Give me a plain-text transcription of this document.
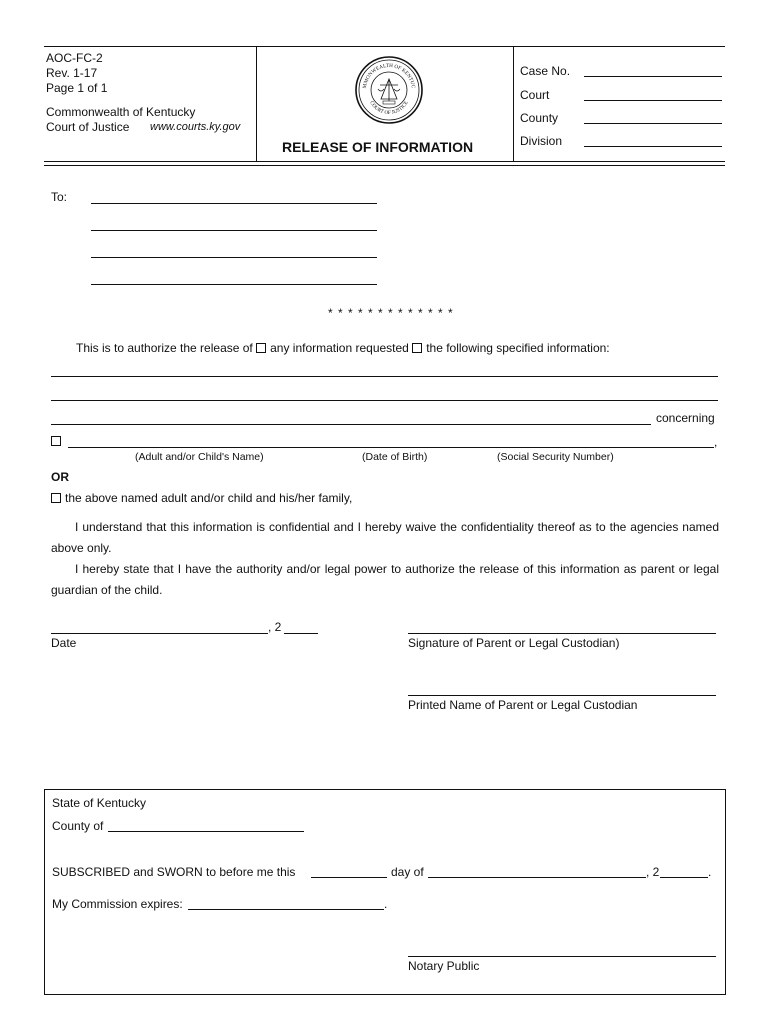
AOC-FC-2
Rev. 1-17
Page 1 of 1
Commonwealth of Kentucky
Court of Justice www.courts.ky.gov
MMONWEALTH OF KENTUC
COURT OF JUSTICE
RELEASE OF INFORMATION
Case No.
Court
County
Division
To:
* * * * * * * * * * * * *
This is to authorize the release of any information requested the following specified information:
concerning
,
(Adult and/or Child's Name)	(Date of Birth)	(Social Security Number)
OR
the above named adult and/or child and his/her family,
I understand that this information is confidential and I hereby waive the confidentiality thereof as to the agencies named above only.
I hereby state that I have the authority and/or legal power to authorize the release of this information as parent or legal guardian of the child.
, 2
Date	Signature of Parent or Legal Custodian)
Printed Name of Parent or Legal Custodian
State of Kentucky
County of
SUBSCRIBED and SWORN to before me this	day of	, 2	.
My Commission expires:	.
Notary Public
